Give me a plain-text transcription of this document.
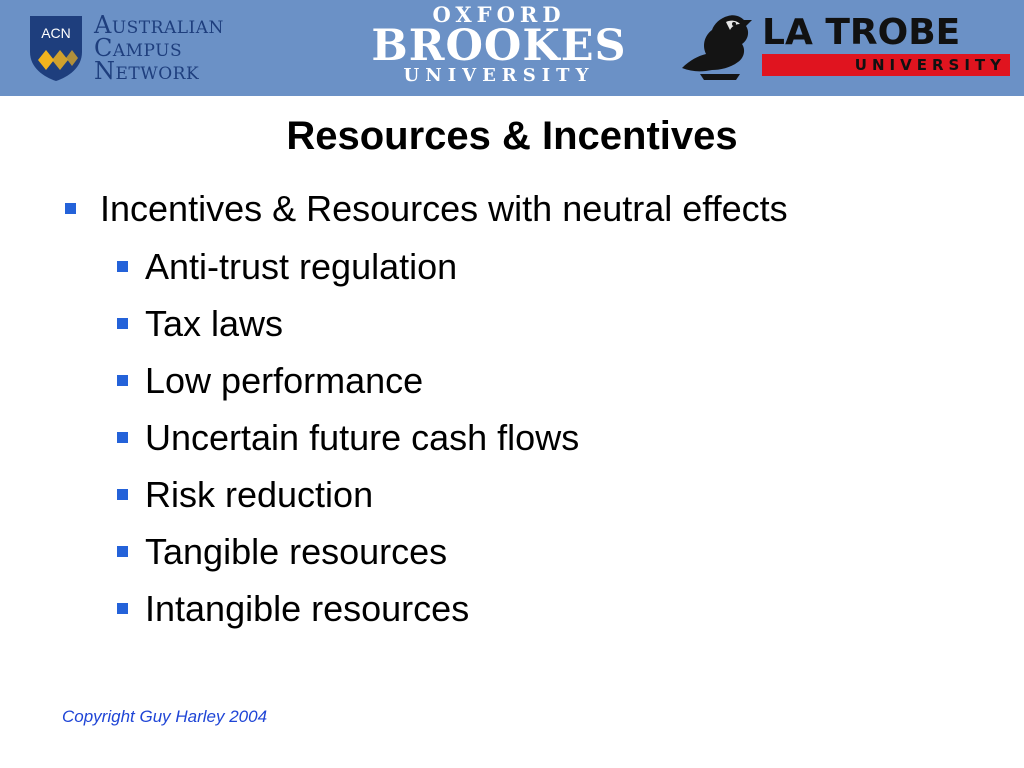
ACN Australian
Campus
Network
OXFORD
BROOKES
UNIVERSITY
LA TROBE
UNIVERSITY
Resources & Incentives
Incentives & Resources with neutral effects
Anti-trust regulation
Tax laws
Low performance
Uncertain future cash flows
Risk reduction
Tangible resources
Intangible resources
Copyright Guy Harley 2004
